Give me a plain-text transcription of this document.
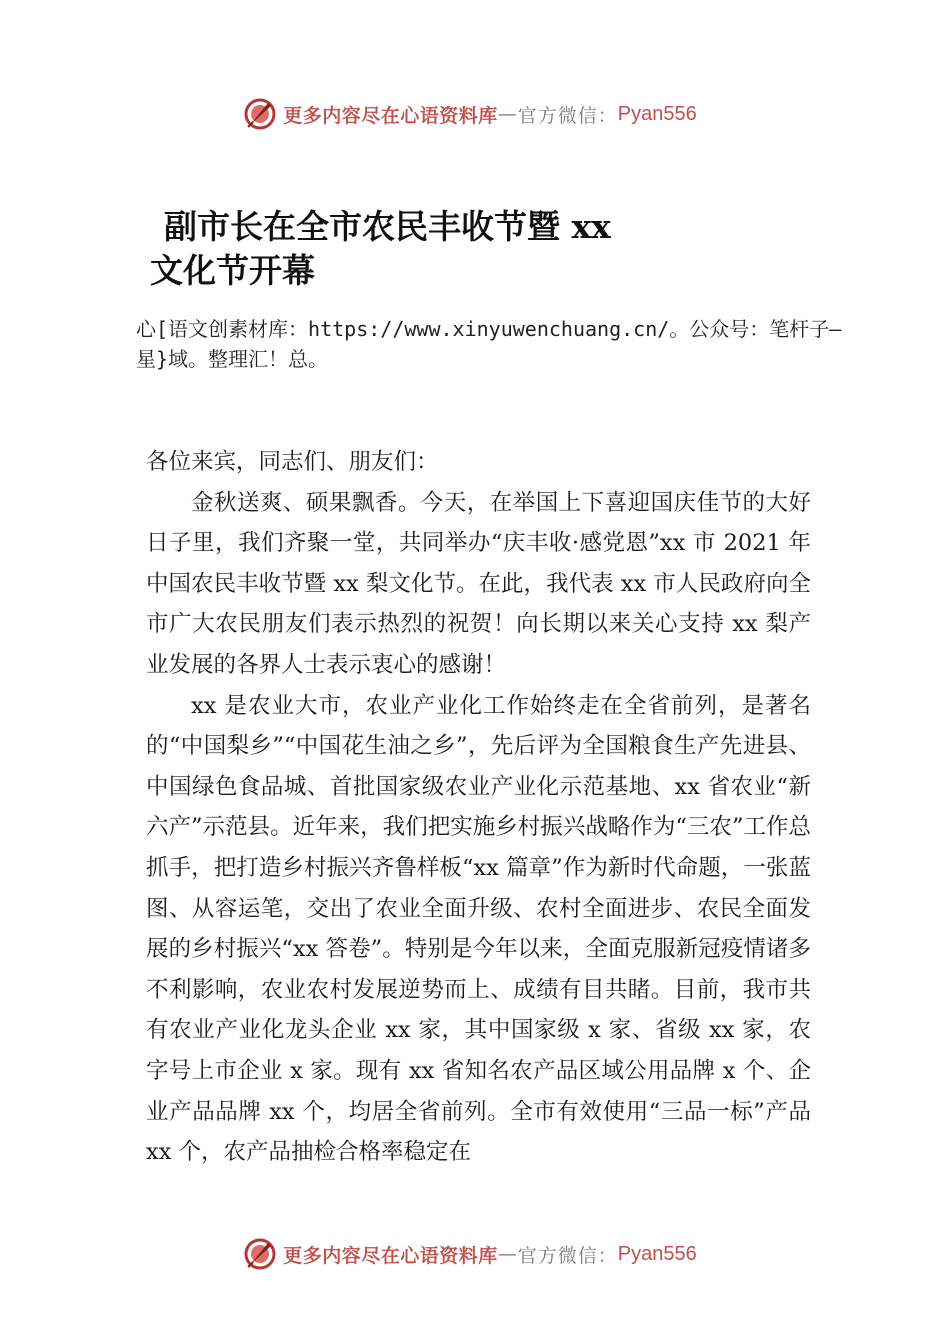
更多内容尽在心语资料库 — 官方微信： Pyan556
副市长在全市农民丰收节暨 xx
文化节开幕
心[语文创素材库：https://www.xinyuwenchuang.cn/。公众号：笔杆子—星}域。整理汇！总。

各位来宾，同志们、朋友们：

金秋送爽、硕果飘香。今天，在举国上下喜迎国庆佳节的大好日子里，我们齐聚一堂，共同举办“庆丰收·感党恩”xx 市 2021 年中国农民丰收节暨 xx 梨文化节。在此，我代表 xx 市人民政府向全市广大农民朋友们表示热烈的祝贺！向长期以来关心支持 xx 梨产业发展的各界人士表示衷心的感谢！

xx 是农业大市，农业产业化工作始终走在全省前列，是著名的“中国梨乡”“中国花生油之乡”，先后评为全国粮食生产先进县、中国绿色食品城、首批国家级农业产业化示范基地、xx 省农业“新六产”示范县。近年来，我们把实施乡村振兴战略作为“三农”工作总抓手，把打造乡村振兴齐鲁样板“xx 篇章”作为新时代命题，一张蓝图、从容运笔，交出了农业全面升级、农村全面进步、农民全面发展的乡村振兴“xx 答卷”。特别是今年以来，全面克服新冠疫情诸多不利影响，农业农村发展逆势而上、成绩有目共睹。目前，我市共有农业产业化龙头企业 xx 家，其中国家级 x 家、省级 xx 家，农字号上市企业 x 家。现有 xx 省知名农产品区域公用品牌 x 个、企业产品品牌 xx 个，均居全省前列。全市有效使用“三品一标”产品 xx 个，农产品抽检合格率稳定在

更多内容尽在心语资料库 — 官方微信： Pyan556
